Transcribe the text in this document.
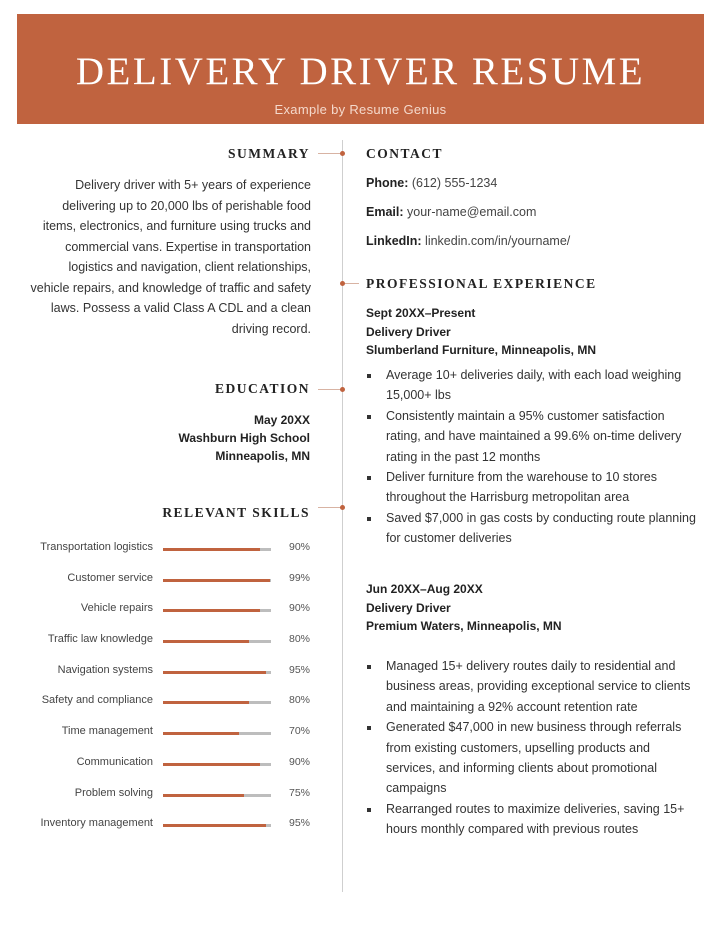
DELIVERY DRIVER RESUME
Example by Resume Genius
SUMMARY
Delivery driver with 5+ years of experience delivering up to 20,000 lbs of perishable food items, electronics, and furniture using trucks and commercial vans. Expertise in transportation logistics and navigation, client relationships, vehicle repairs, and knowledge of traffic and safety laws. Possess a valid Class A CDL and a clean driving record.
EDUCATION
May 20XX
Washburn High School
Minneapolis, MN
RELEVANT SKILLS
Transportation logistics	90%
Customer service	99%
Vehicle repairs	90%
Traffic law knowledge	80%
Navigation systems	95%
Safety and compliance	80%
Time management	70%
Communication	90%
Problem solving	75%
Inventory management	95%
CONTACT
Phone: (612) 555-1234
Email: your-name@email.com
LinkedIn: linkedin.com/in/yourname/
PROFESSIONAL EXPERIENCE
Sept 20XX–Present
Delivery Driver
Slumberland Furniture, Minneapolis, MN
Average 10+ deliveries daily, with each load weighing 15,000+ lbs
Consistently maintain a 95% customer satisfaction rating, and have maintained a 99.6% on-time delivery rating in the past 12 months
Deliver furniture from the warehouse to 10 stores throughout the Harrisburg metropolitan area
Saved $7,000 in gas costs by conducting route planning for customer deliveries
Jun 20XX–Aug 20XX
Delivery Driver
Premium Waters, Minneapolis, MN
Managed 15+ delivery routes daily to residential and business areas, providing exceptional service to clients and maintaining a 92% account retention rate
Generated $47,000 in new business through referrals from existing customers, upselling products and services, and informing clients about promotional campaigns
Rearranged routes to maximize deliveries, saving 15+ hours monthly compared with previous routes
